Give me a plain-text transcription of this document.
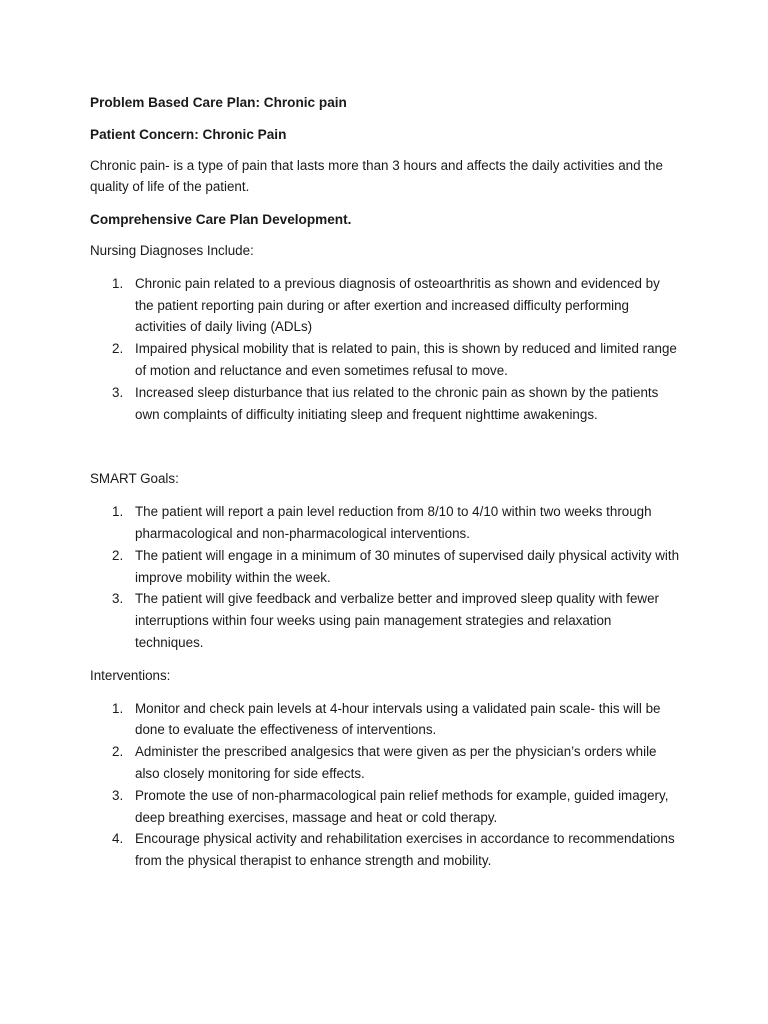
Problem Based Care Plan: Chronic pain
Patient Concern: Chronic Pain

Chronic pain- is a type of pain that lasts more than 3 hours and affects the daily activities and the quality of life of the patient.

Comprehensive Care Plan Development.

Nursing Diagnoses Include:

1. Chronic pain related to a previous diagnosis of osteoarthritis as shown and evidenced by the patient reporting pain during or after exertion and increased difficulty performing activities of daily living (ADLs)
2. Impaired physical mobility that is related to pain, this is shown by reduced and limited range of motion and reluctance and even sometimes refusal to move.
3. Increased sleep disturbance that ius related to the chronic pain as shown by the patients own complaints of difficulty initiating sleep and frequent nighttime awakenings.

SMART Goals:

1. The patient will report a pain level reduction from 8/10 to 4/10 within two weeks through pharmacological and non-pharmacological interventions.
2. The patient will engage in a minimum of 30 minutes of supervised daily physical activity with improve mobility within the week.
3. The patient will give feedback and verbalize better and improved sleep quality with fewer interruptions within four weeks using pain management strategies and relaxation techniques.

Interventions:

1. Monitor and check pain levels at 4-hour intervals using a validated pain scale- this will be done to evaluate the effectiveness of interventions.
2. Administer the prescribed analgesics that were given as per the physician’s orders while also closely monitoring for side effects.
3. Promote the use of non-pharmacological pain relief methods for example, guided imagery, deep breathing exercises, massage and heat or cold therapy.
4. Encourage physical activity and rehabilitation exercises in accordance to recommendations from the physical therapist to enhance strength and mobility.
